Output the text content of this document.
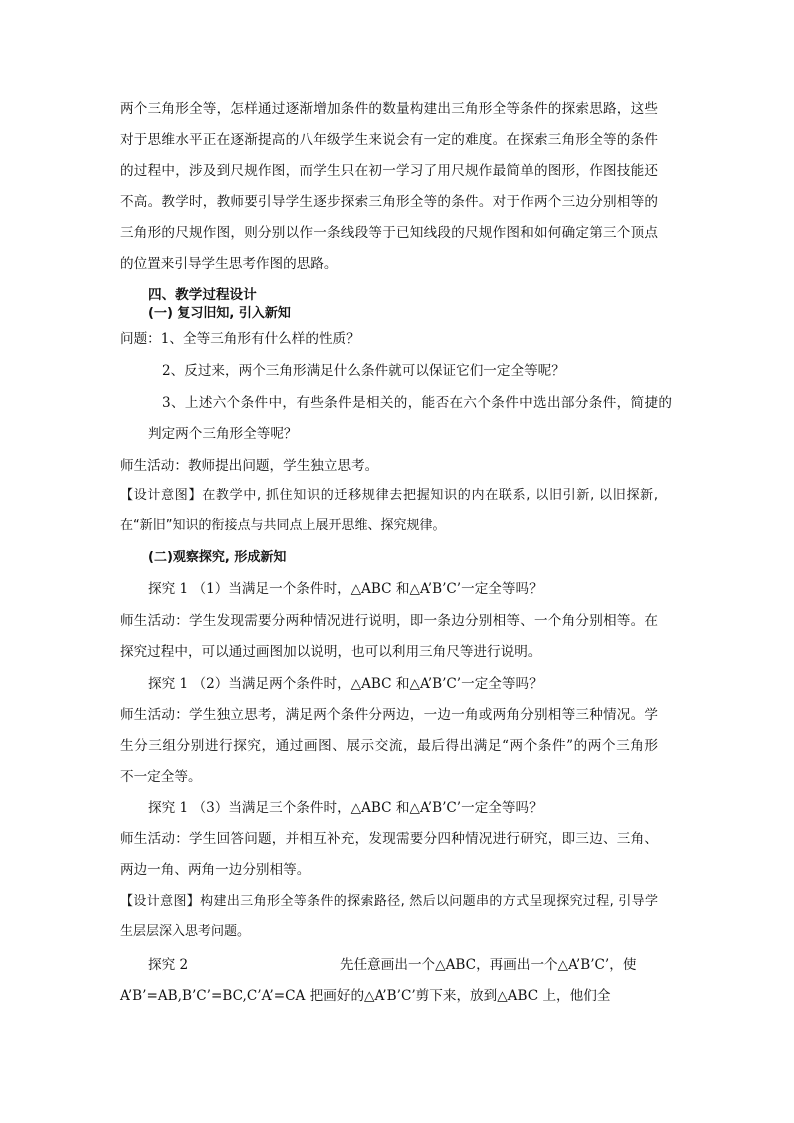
两个三角形全等，怎样通过逐渐增加条件的数量构建出三角形全等条件的探索思路，这些
对于思维水平正在逐渐提高的八年级学生来说会有一定的难度。在探索三角形全等的条件
的过程中，涉及到尺规作图，而学生只在初一学习了用尺规作最简单的图形，作图技能还
不高。教学时，教师要引导学生逐步探索三角形全等的条件。对于作两个三边分别相等的
三角形的尺规作图，则分别以作一条线段等于已知线段的尺规作图和如何确定第三个顶点
的位置来引导学生思考作图的思路。
四、教学过程设计
(一) 复习旧知, 引入新知
问题：1、全等三角形有什么样的性质？
2、反过来，两个三角形满足什么条件就可以保证它们一定全等呢？
3、上述六个条件中，有些条件是相关的，能否在六个条件中选出部分条件，简捷的
判定两个三角形全等呢？
师生活动：教师提出问题，学生独立思考。
【设计意图】在教学中, 抓住知识的迁移规律去把握知识的内在联系, 以旧引新, 以旧探新,
在“新旧”知识的衔接点与共同点上展开思维、探究规律。
(二)观察探究, 形成新知
探究 1 （1）当满足一个条件时，△ABC 和△A’B’C’一定全等吗？
师生活动：学生发现需要分两种情况进行说明，即一条边分别相等、一个角分别相等。在
探究过程中，可以通过画图加以说明，也可以利用三角尺等进行说明。
探究 1 （2）当满足两个条件时，△ABC 和△A’B’C’一定全等吗？
师生活动：学生独立思考，满足两个条件分两边，一边一角或两角分别相等三种情况。学
生分三组分别进行探究，通过画图、展示交流，最后得出满足“两个条件”的两个三角形
不一定全等。
探究 1 （3）当满足三个条件时，△ABC 和△A’B’C’一定全等吗？
师生活动：学生回答问题，并相互补充，发现需要分四种情况进行研究，即三边、三角、
两边一角、两角一边分别相等。
【设计意图】构建出三角形全等条件的探索路径, 然后以问题串的方式呈现探究过程, 引导学
生层层深入思考问题。
探究 2	先任意画出一个△ABC，再画出一个△A’B’C’，使
A’B’=AB,B’C’=BC,C’A’=CA 把画好的△A’B’C’剪下来，放到△ABC 上，他们全
